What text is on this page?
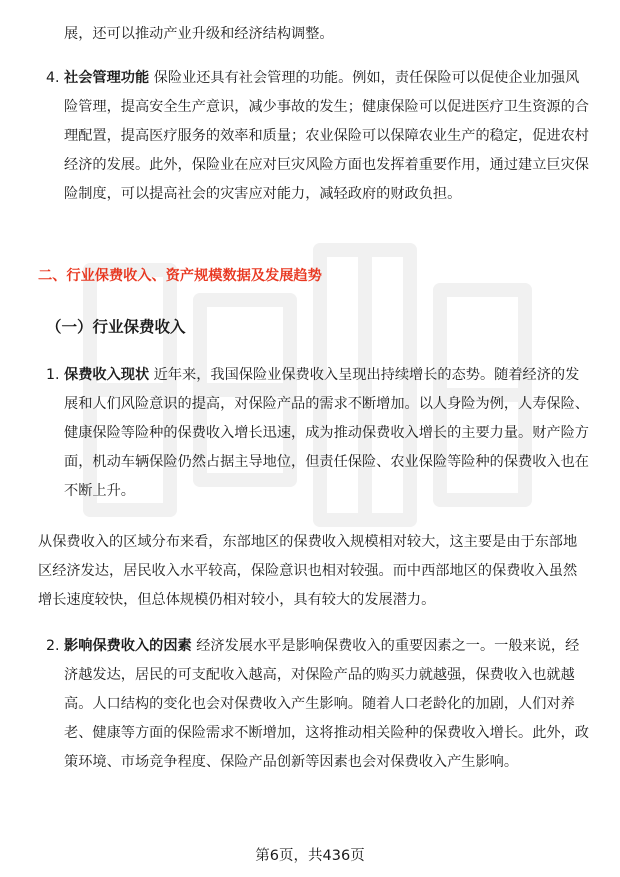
慧博投研

展，还可以推动产业升级和经济结构调整。

4. 社会管理功能 保险业还具有社会管理的功能。例如，责任保险可以促使企业加强风险管理，提高安全生产意识，减少事故的发生；健康保险可以促进医疗卫生资源的合理配置，提高医疗服务的效率和质量；农业保险可以保障农业生产的稳定，促进农村经济的发展。此外，保险业在应对巨灾风险方面也发挥着重要作用，通过建立巨灾保险制度，可以提高社会的灾害应对能力，减轻政府的财政负担。
二、行业保费收入、资产规模数据及发展趋势
（一）行业保费收入
1. 保费收入现状 近年来，我国保险业保费收入呈现出持续增长的态势。随着经济的发展和人们风险意识的提高，对保险产品的需求不断增加。以人身险为例，人寿保险、健康保险等险种的保费收入增长迅速，成为推动保费收入增长的主要力量。财产险方面，机动车辆保险仍然占据主导地位，但责任保险、农业保险等险种的保费收入也在不断上升。

从保费收入的区域分布来看，东部地区的保费收入规模相对较大，这主要是由于东部地区经济发达，居民收入水平较高，保险意识也相对较强。而中西部地区的保费收入虽然增长速度较快，但总体规模仍相对较小，具有较大的发展潜力。

2. 影响保费收入的因素 经济发展水平是影响保费收入的重要因素之一。一般来说，经济越发达，居民的可支配收入越高，对保险产品的购买力就越强，保费收入也就越高。人口结构的变化也会对保费收入产生影响。随着人口老龄化的加剧，人们对养老、健康等方面的保险需求不断增加，这将推动相关险种的保费收入增长。此外，政策环境、市场竞争程度、保险产品创新等因素也会对保费收入产生影响。
第6页，共436页
